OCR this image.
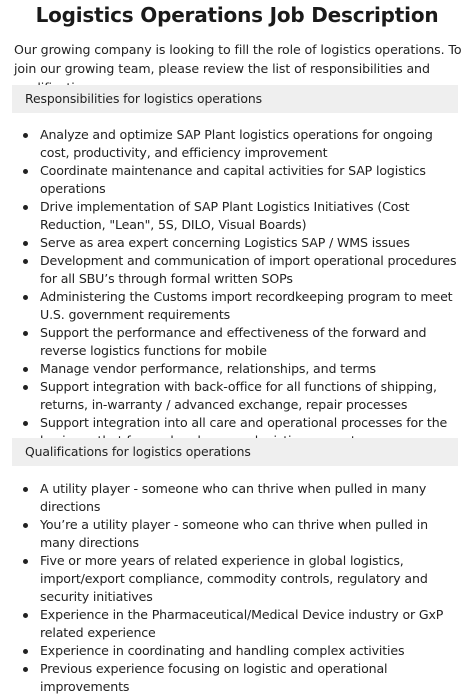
Logistics Operations Job Description

Our growing company is looking to fill the role of logistics operations. To join our growing team, please review the list of responsibilities and

Responsibilities for logistics operations
Analyze and optimize SAP Plant logistics operations for ongoing cost, productivity, and efficiency improvement
Coordinate maintenance and capital activities for SAP logistics operations
Drive implementation of SAP Plant Logistics Initiatives (Cost Reduction, "Lean", 5S, DILO, Visual Boards)
Serve as area expert concerning Logistics SAP / WMS issues
Development and communication of import operational procedures for all SBU’s through formal written SOPs
Administering the Customs import recordkeeping program to meet U.S. government requirements
Support the performance and effectiveness of the forward and reverse logistics functions for mobile
Manage vendor performance, relationships, and terms
Support integration with back-office for all functions of shipping, returns, in-warranty / advanced exchange, repair processes
Support integration into all care and operational processes for the
Qualifications for logistics operations
A utility player - someone who can thrive when pulled in many directions
You’re a utility player - someone who can thrive when pulled in many directions
Five or more years of related experience in global logistics, import/export compliance, commodity controls, regulatory and security initiatives
Experience in the Pharmaceutical/Medical Device industry or GxP related experience
Experience in coordinating and handling complex activities
Previous experience focusing on logistic and operational improvements
